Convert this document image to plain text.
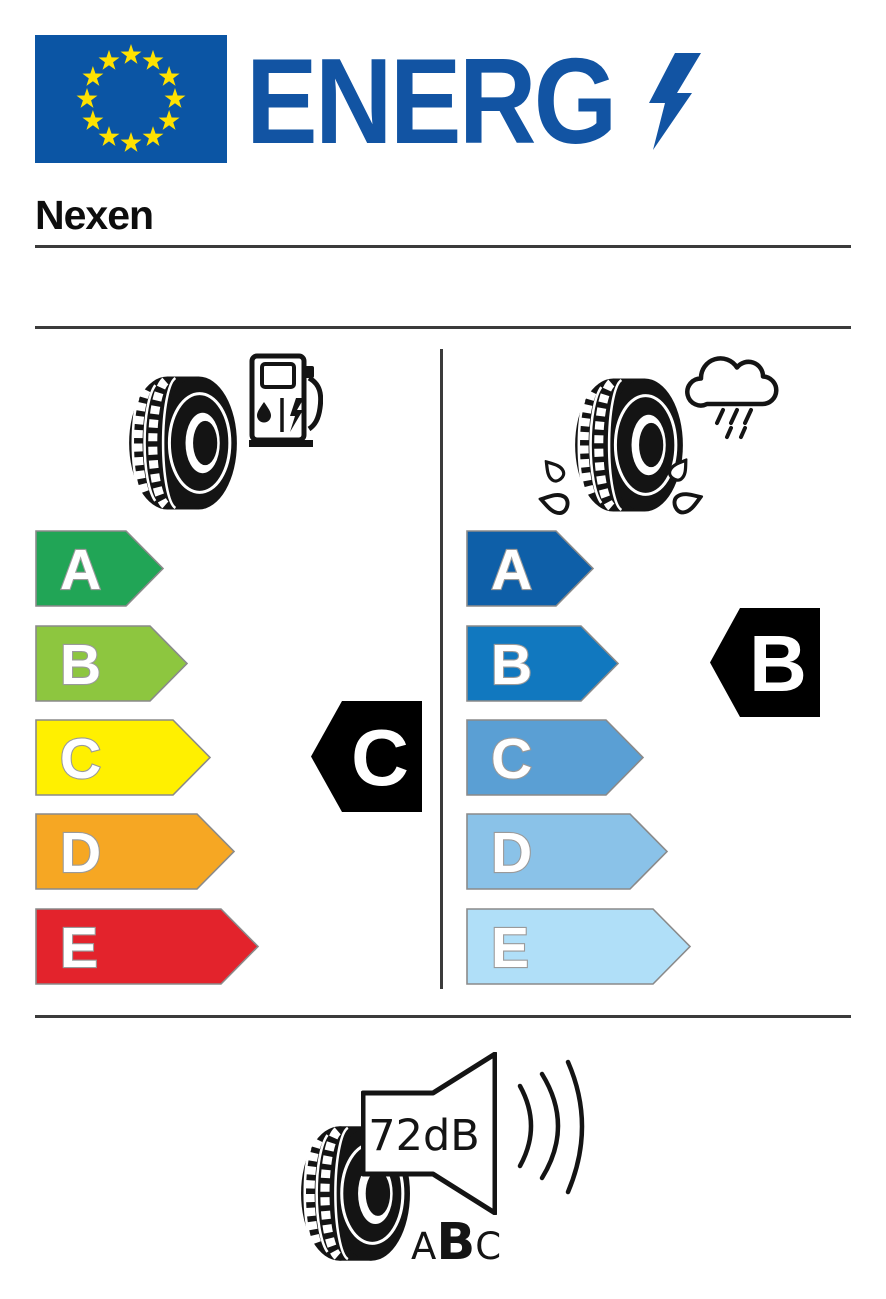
ENERG
Nexen
A
B
C
D
E
A
B
C
D
E
C
B
72dB
A B C
